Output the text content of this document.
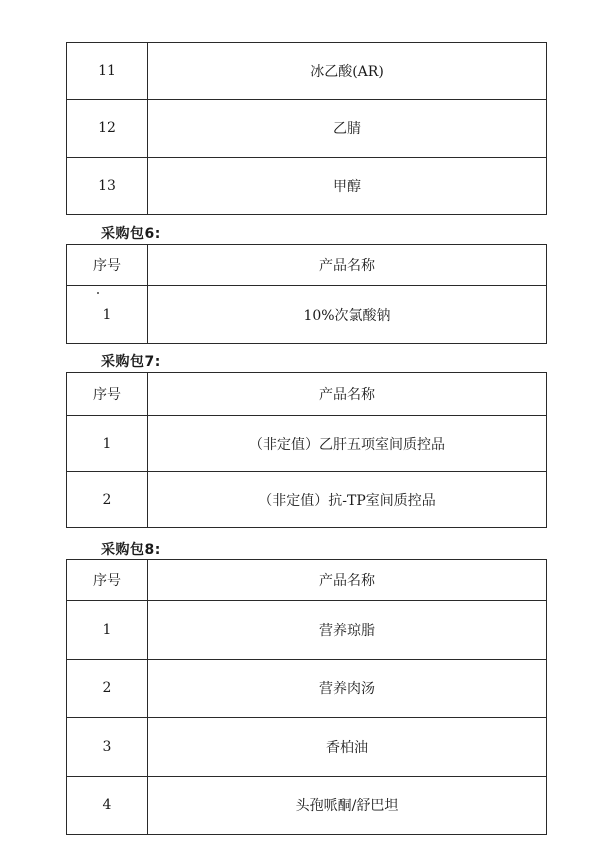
11	冰乙酸(AR)
12	乙腈
13	甲醇
采购包6:
序号	产品名称
1	10%次氯酸钠
采购包7:
序号	产品名称
1	（非定值）乙肝五项室间质控品
2	（非定值）抗-TP室间质控品
采购包8:
序号	产品名称
1	营养琼脂
2	营养肉汤
3	香柏油
4	头孢哌酮/舒巴坦
